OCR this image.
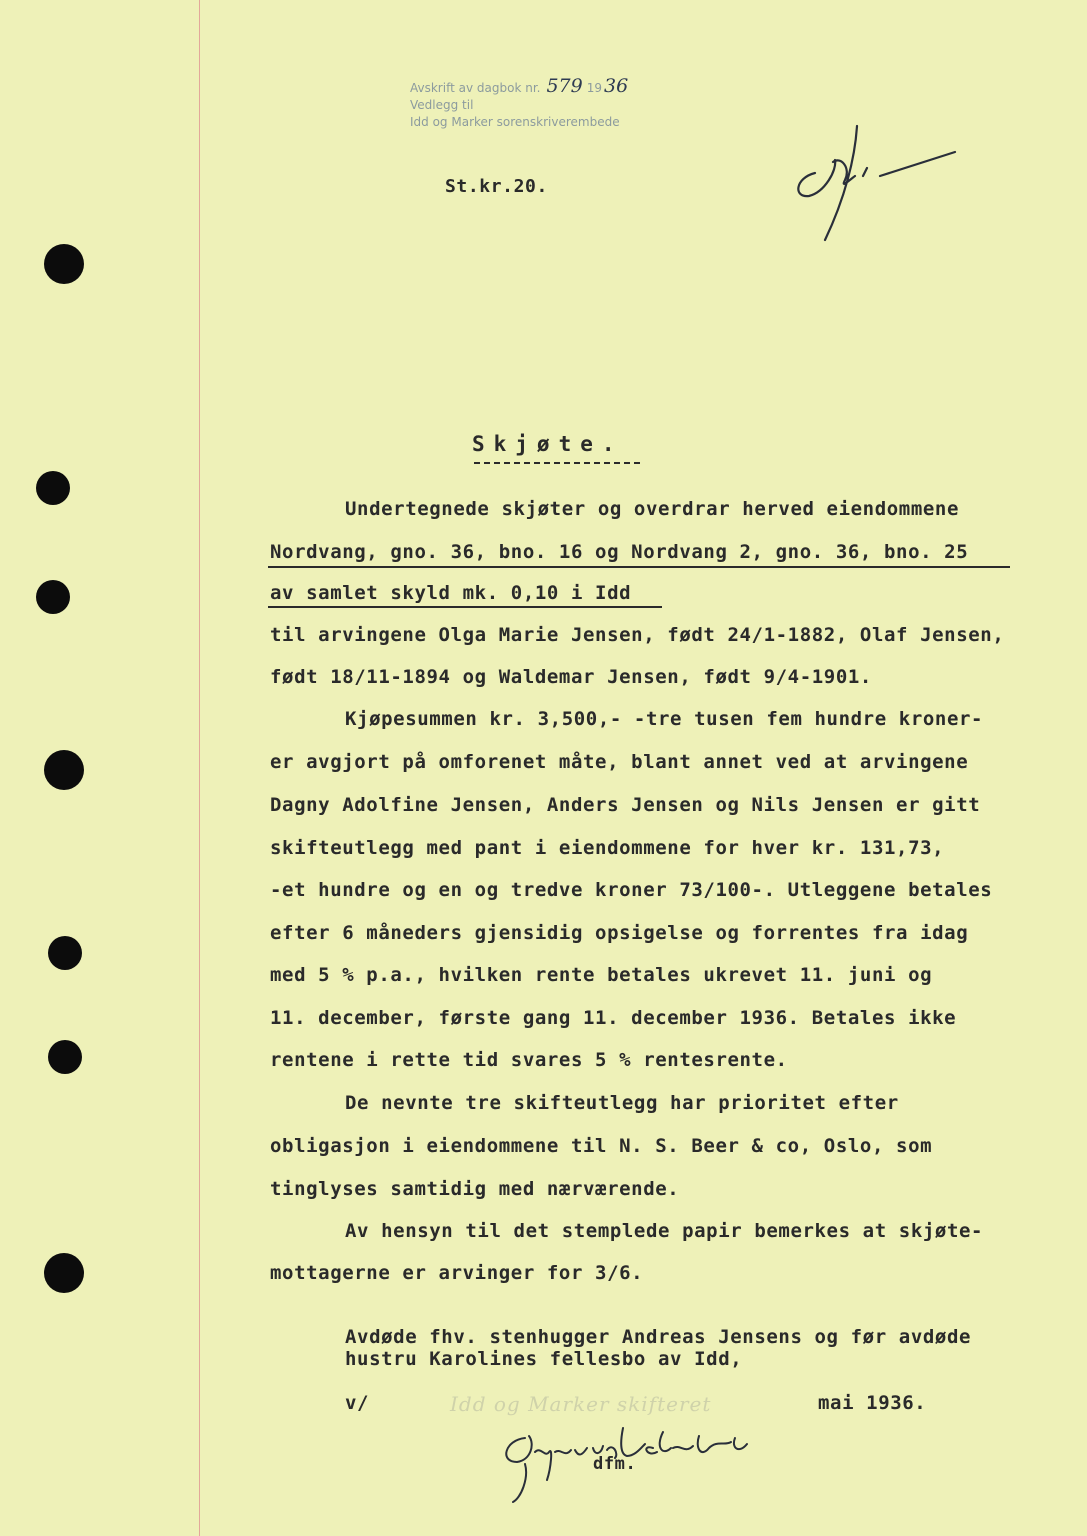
Avskrift av dagbok nr. 579 19 36
Vedlegg til
Idd og Marker sorenskriverembede
St.kr.20.
Skjøte.
Undertegnede skjøter og overdrar herved eiendommene
Nordvang, gno. 36, bno. 16 og Nordvang 2, gno. 36, bno. 25
av samlet skyld mk. 0,10 i Idd
til arvingene Olga Marie Jensen, født 24/1-1882, Olaf Jensen,
født 18/11-1894 og Waldemar Jensen, født 9/4-1901.
Kjøpesummen kr. 3,500,- -tre tusen fem hundre kroner-
er avgjort på omforenet måte, blant annet ved at arvingene
Dagny Adolfine Jensen, Anders Jensen og Nils Jensen er gitt
skifteutlegg med pant i eiendommene for hver kr. 131,73,
-et hundre og en og tredve kroner 73/100-. Utleggene betales
efter 6 måneders gjensidig opsigelse og forrentes fra idag
med 5 % p.a., hvilken rente betales ukrevet 11. juni og
11. december, første gang 11. december 1936. Betales ikke
rentene i rette tid svares 5 % rentesrente.
De nevnte tre skifteutlegg har prioritet efter
obligasjon i eiendommene til N. S. Beer & co, Oslo, som
tinglyses samtidig med nærværende.
Av hensyn til det stemplede papir bemerkes at skjøte-
mottagerne er arvinger for 3/6.
Avdøde fhv. stenhugger Andreas Jensens og før avdøde
hustru Karolines fellesbo av Idd,
v/	Idd og Marker skifteret	mai 1936.
dfm.
